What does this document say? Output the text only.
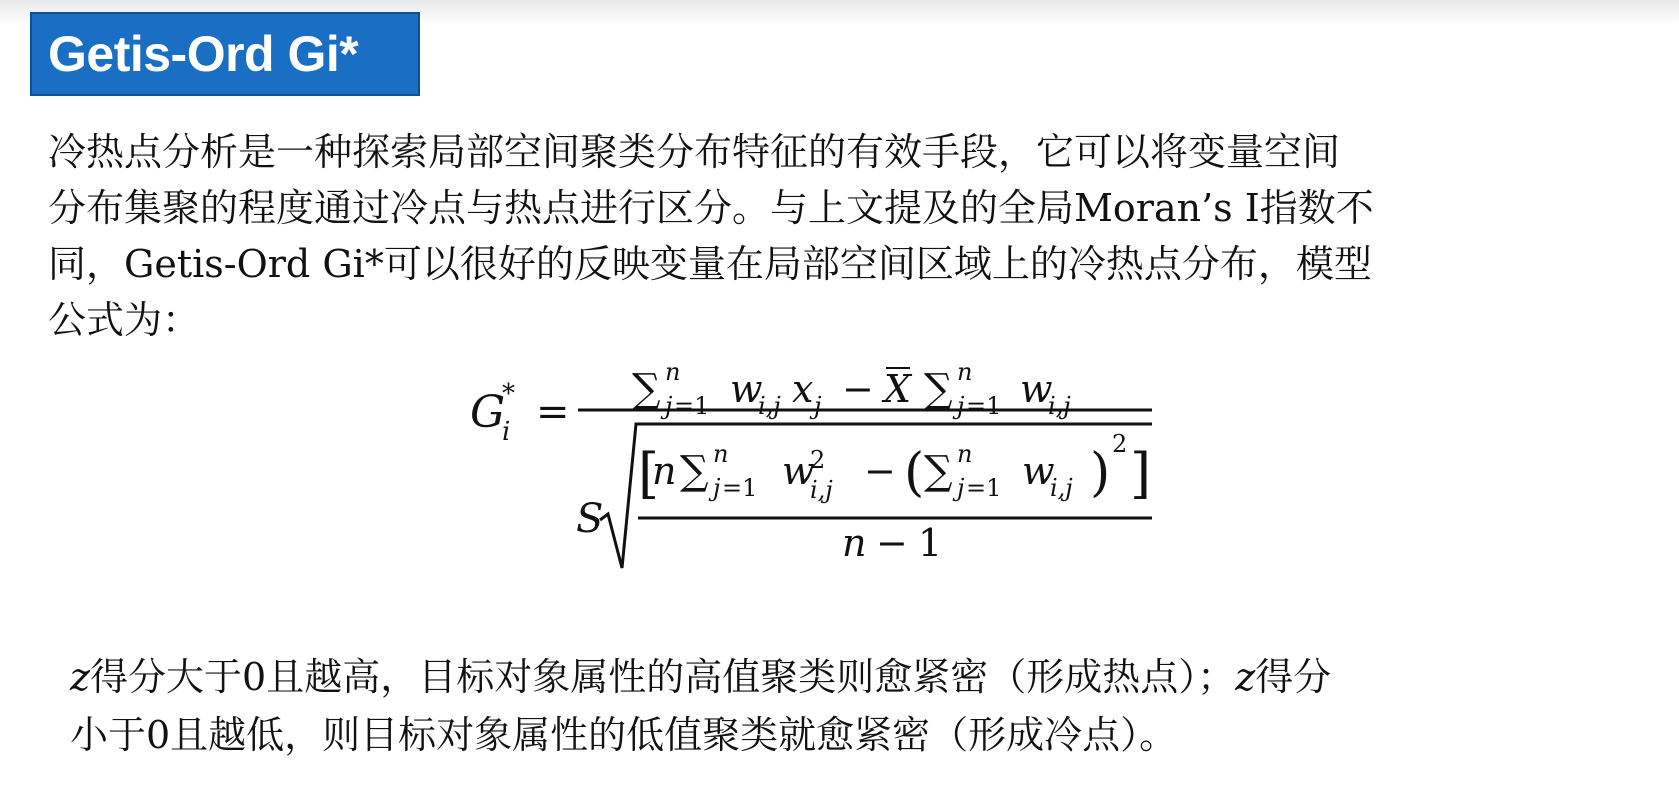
Getis-Ord Gi*
冷热点分析是一种探索局部空间聚类分布特征的有效手段，它可以将变量空间
分布集聚的程度通过冷点与热点进行区分。与上文提及的全局Moran’s I指数不
同，Getis-Ord Gi*可以很好的反映变量在局部空间区域上的冷热点分布，模型
公式为：
G
*
i = ∑ n
j =1 w
i,j x j − X ∑ n
j =1 w
i,j
S
[
n ∑ n
j =1 w
2
i,j − ( ∑ n
j =1 w
i,j ) 2 ]
n − 1
z得分大于0且越高，目标对象属性的高值聚类则愈紧密（形成热点）；z得分
小于0且越低，则目标对象属性的低值聚类就愈紧密（形成冷点）。
